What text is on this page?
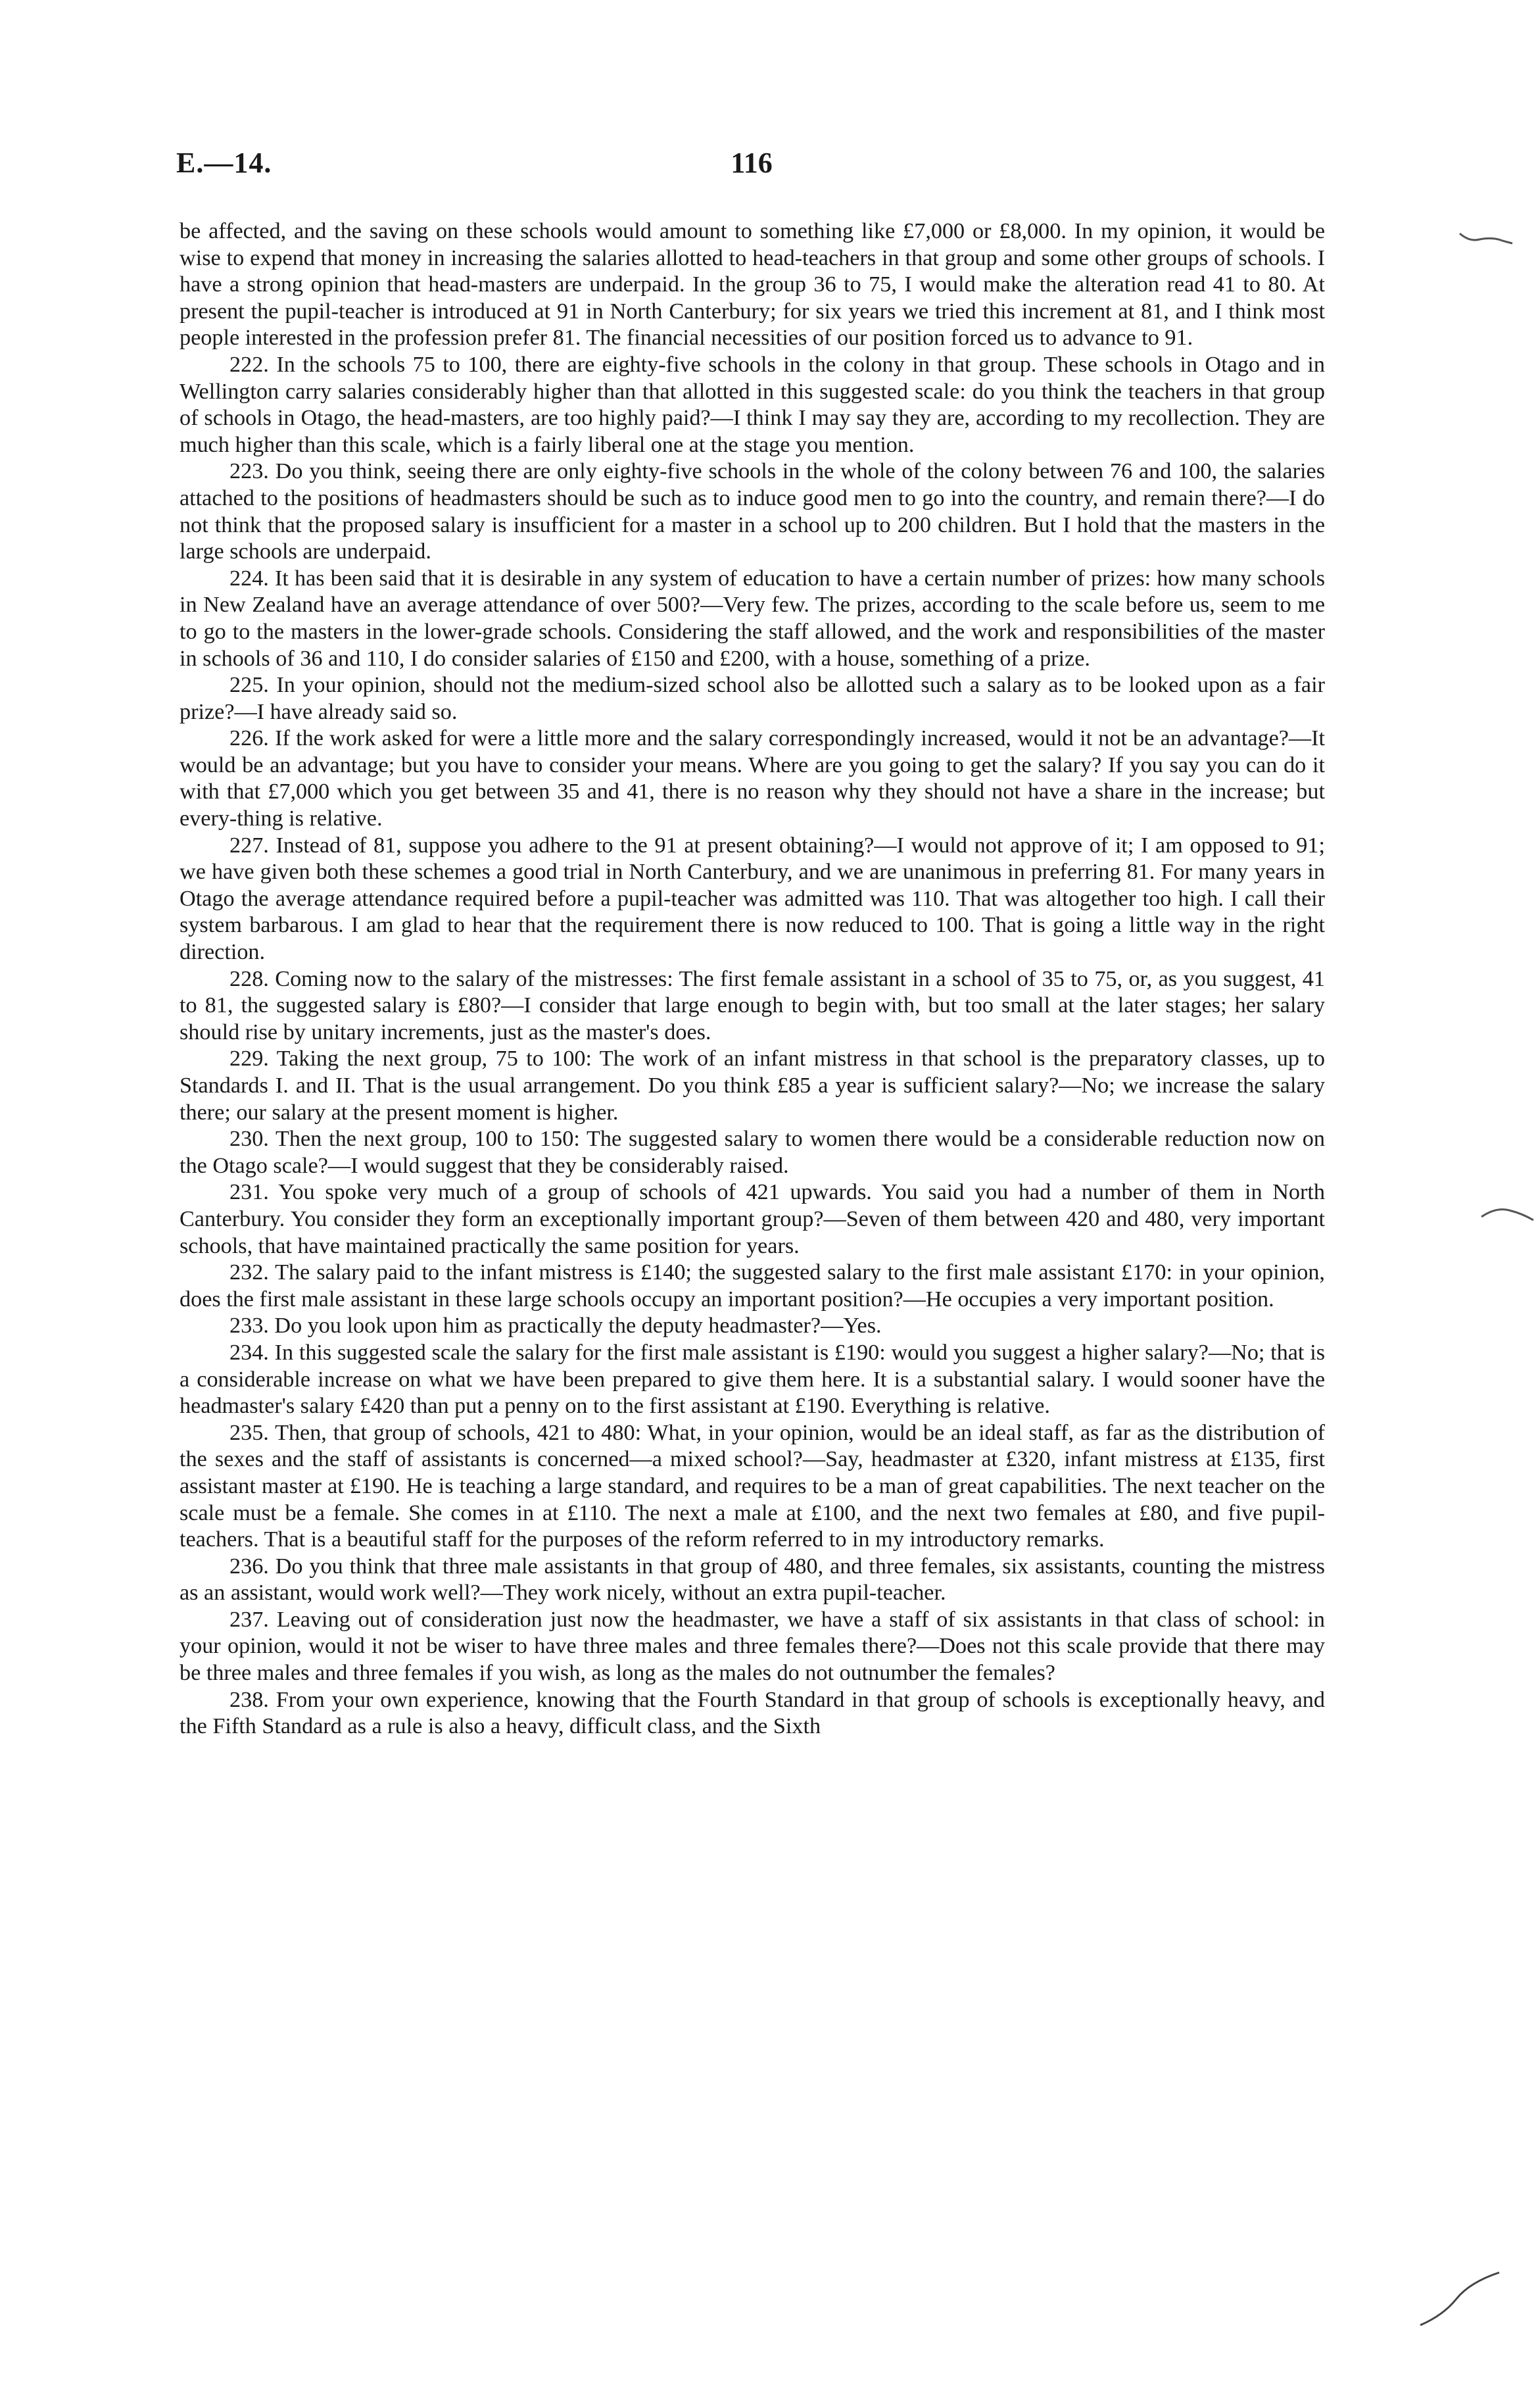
E.—14.	116

be affected, and the saving on these schools would amount to something like £7,000 or £8,000. In my opinion, it would be wise to expend that money in increasing the salaries allotted to head-teachers in that group and some other groups of schools. I have a strong opinion that head-masters are underpaid. In the group 36 to 75, I would make the alteration read 41 to 80. At present the pupil-teacher is introduced at 91 in North Canterbury; for six years we tried this increment at 81, and I think most people interested in the profession prefer 81. The financial necessities of our position forced us to advance to 91.

222. In the schools 75 to 100, there are eighty-five schools in the colony in that group. These schools in Otago and in Wellington carry salaries considerably higher than that allotted in this suggested scale: do you think the teachers in that group of schools in Otago, the head-masters, are too highly paid?—I think I may say they are, according to my recollection. They are much higher than this scale, which is a fairly liberal one at the stage you mention.

223. Do you think, seeing there are only eighty-five schools in the whole of the colony between 76 and 100, the salaries attached to the positions of headmasters should be such as to induce good men to go into the country, and remain there?—I do not think that the proposed salary is insufficient for a master in a school up to 200 children. But I hold that the masters in the large schools are underpaid.

224. It has been said that it is desirable in any system of education to have a certain number of prizes: how many schools in New Zealand have an average attendance of over 500?—Very few. The prizes, according to the scale before us, seem to me to go to the masters in the lower-grade schools. Considering the staff allowed, and the work and responsibilities of the master in schools of 36 and 110, I do consider salaries of £150 and £200, with a house, something of a prize.

225. In your opinion, should not the medium-sized school also be allotted such a salary as to be looked upon as a fair prize?—I have already said so.

226. If the work asked for were a little more and the salary correspondingly increased, would it not be an advantage?—It would be an advantage; but you have to consider your means. Where are you going to get the salary? If you say you can do it with that £7,000 which you get between 35 and 41, there is no reason why they should not have a share in the increase; but every-thing is relative.

227. Instead of 81, suppose you adhere to the 91 at present obtaining?—I would not approve of it; I am opposed to 91; we have given both these schemes a good trial in North Canterbury, and we are unanimous in preferring 81. For many years in Otago the average attendance required before a pupil-teacher was admitted was 110. That was altogether too high. I call their system barbarous. I am glad to hear that the requirement there is now reduced to 100. That is going a little way in the right direction.

228. Coming now to the salary of the mistresses: The first female assistant in a school of 35 to 75, or, as you suggest, 41 to 81, the suggested salary is £80?—I consider that large enough to begin with, but too small at the later stages; her salary should rise by unitary increments, just as the master's does.

229. Taking the next group, 75 to 100: The work of an infant mistress in that school is the preparatory classes, up to Standards I. and II. That is the usual arrangement. Do you think £85 a year is sufficient salary?—No; we increase the salary there; our salary at the present moment is higher.

230. Then the next group, 100 to 150: The suggested salary to women there would be a considerable reduction now on the Otago scale?—I would suggest that they be considerably raised.

231. You spoke very much of a group of schools of 421 upwards. You said you had a number of them in North Canterbury. You consider they form an exceptionally important group?—Seven of them between 420 and 480, very important schools, that have maintained practically the same position for years.

232. The salary paid to the infant mistress is £140; the suggested salary to the first male assistant £170: in your opinion, does the first male assistant in these large schools occupy an important position?—He occupies a very important position.

233. Do you look upon him as practically the deputy headmaster?—Yes.

234. In this suggested scale the salary for the first male assistant is £190: would you suggest a higher salary?—No; that is a considerable increase on what we have been prepared to give them here. It is a substantial salary. I would sooner have the headmaster's salary £420 than put a penny on to the first assistant at £190. Everything is relative.

235. Then, that group of schools, 421 to 480: What, in your opinion, would be an ideal staff, as far as the distribution of the sexes and the staff of assistants is concerned—a mixed school?—Say, headmaster at £320, infant mistress at £135, first assistant master at £190. He is teaching a large standard, and requires to be a man of great capabilities. The next teacher on the scale must be a female. She comes in at £110. The next a male at £100, and the next two females at £80, and five pupil-teachers. That is a beautiful staff for the purposes of the reform referred to in my introductory remarks.

236. Do you think that three male assistants in that group of 480, and three females, six assistants, counting the mistress as an assistant, would work well?—They work nicely, without an extra pupil-teacher.

237. Leaving out of consideration just now the headmaster, we have a staff of six assistants in that class of school: in your opinion, would it not be wiser to have three males and three females there?—Does not this scale provide that there may be three males and three females if you wish, as long as the males do not outnumber the females?

238. From your own experience, knowing that the Fourth Standard in that group of schools is exceptionally heavy, and the Fifth Standard as a rule is also a heavy, difficult class, and the Sixth
